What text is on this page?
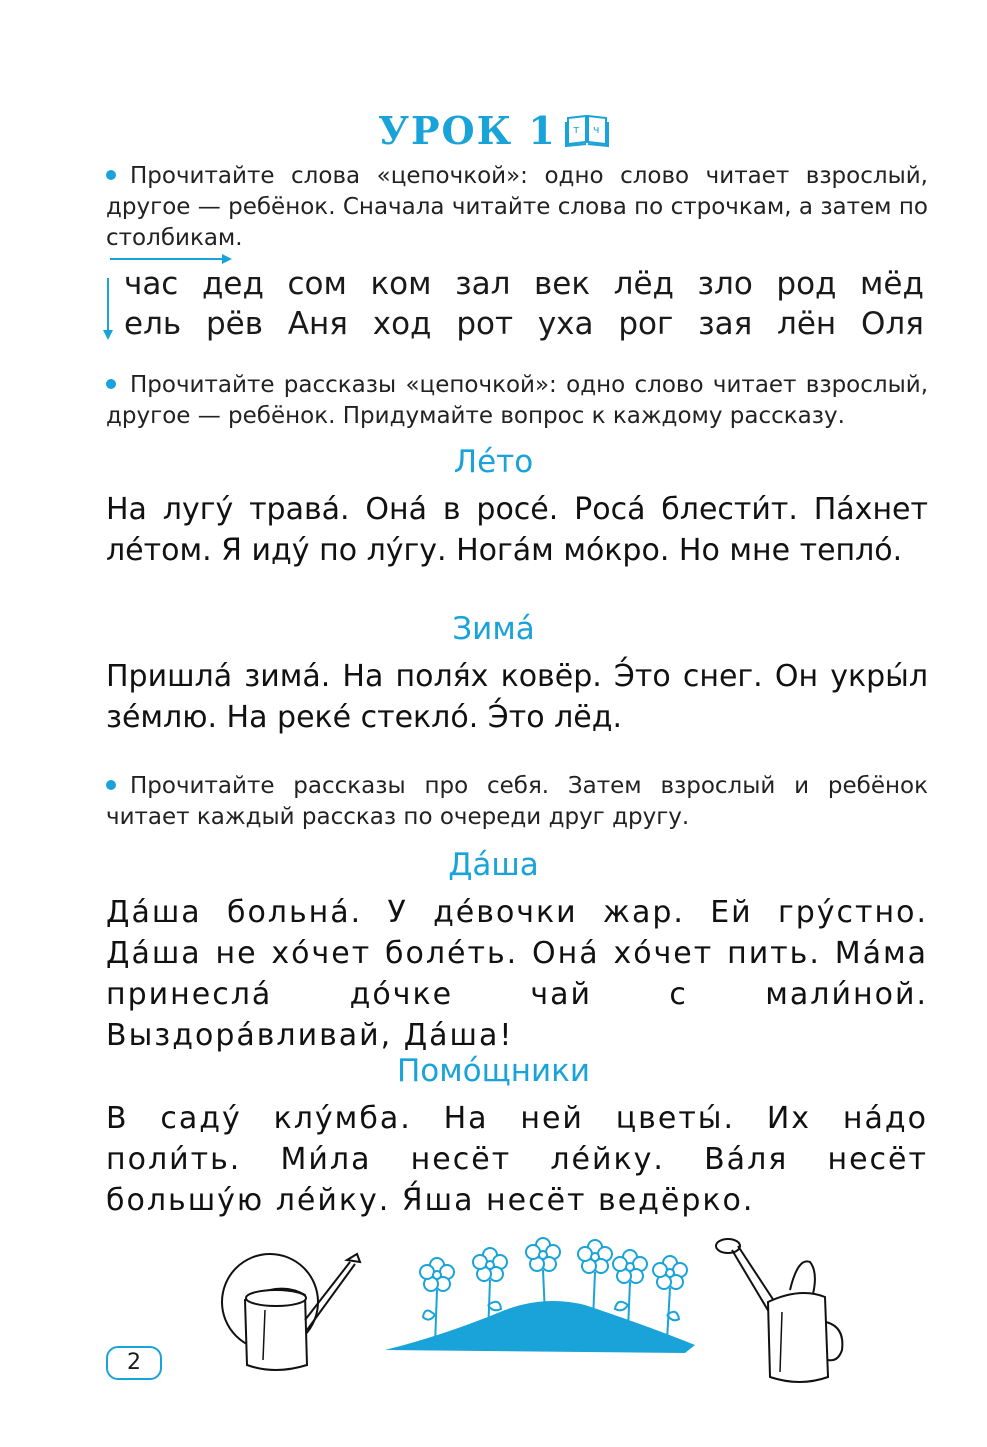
УРОК 1 т ч
Прочитайте слова «цепочкой»: одно слово читает взрослый, другое — ребёнок. Сначала читайте слова по строчкам, а затем по столбикам.
час дед сом ком зал век лёд зло род мёд
ель рёв Аня ход рот уха рог зая лён Оля
Прочитайте рассказы «цепочкой»: одно слово читает взрослый, другое — ребёнок. Придумайте вопрос к каждому рассказу.
Ле́то
На лугу́ трава́. Она́ в росе́. Роса́ блести́т. Па́хнет ле́том. Я иду́ по лу́гу. Нога́м мо́кро. Но мне тепло́.
Зима́
Пришла́ зима́. На поля́х ковёр. Э́то снег. Он укры́л зе́млю. На реке́ стекло́. Э́то лёд.
Прочитайте рассказы про себя. Затем взрослый и ребёнок читает каждый рассказ по очереди друг другу.
Да́ша
Да́ша больна́. У де́вочки жар. Ей гру́стно. Да́ша не хо́чет боле́ть. Она́ хо́чет пить. Ма́ма принесла́ до́чке чай с мали́ной. Выздора́вливай, Да́ша!
Помо́щники
В саду́ клу́мба. На ней цветы́. Их на́до поли́ть. Ми́ла несёт ле́йку. Ва́ля несёт большу́ю ле́йку. Я́ша несёт ведёрко.
2
